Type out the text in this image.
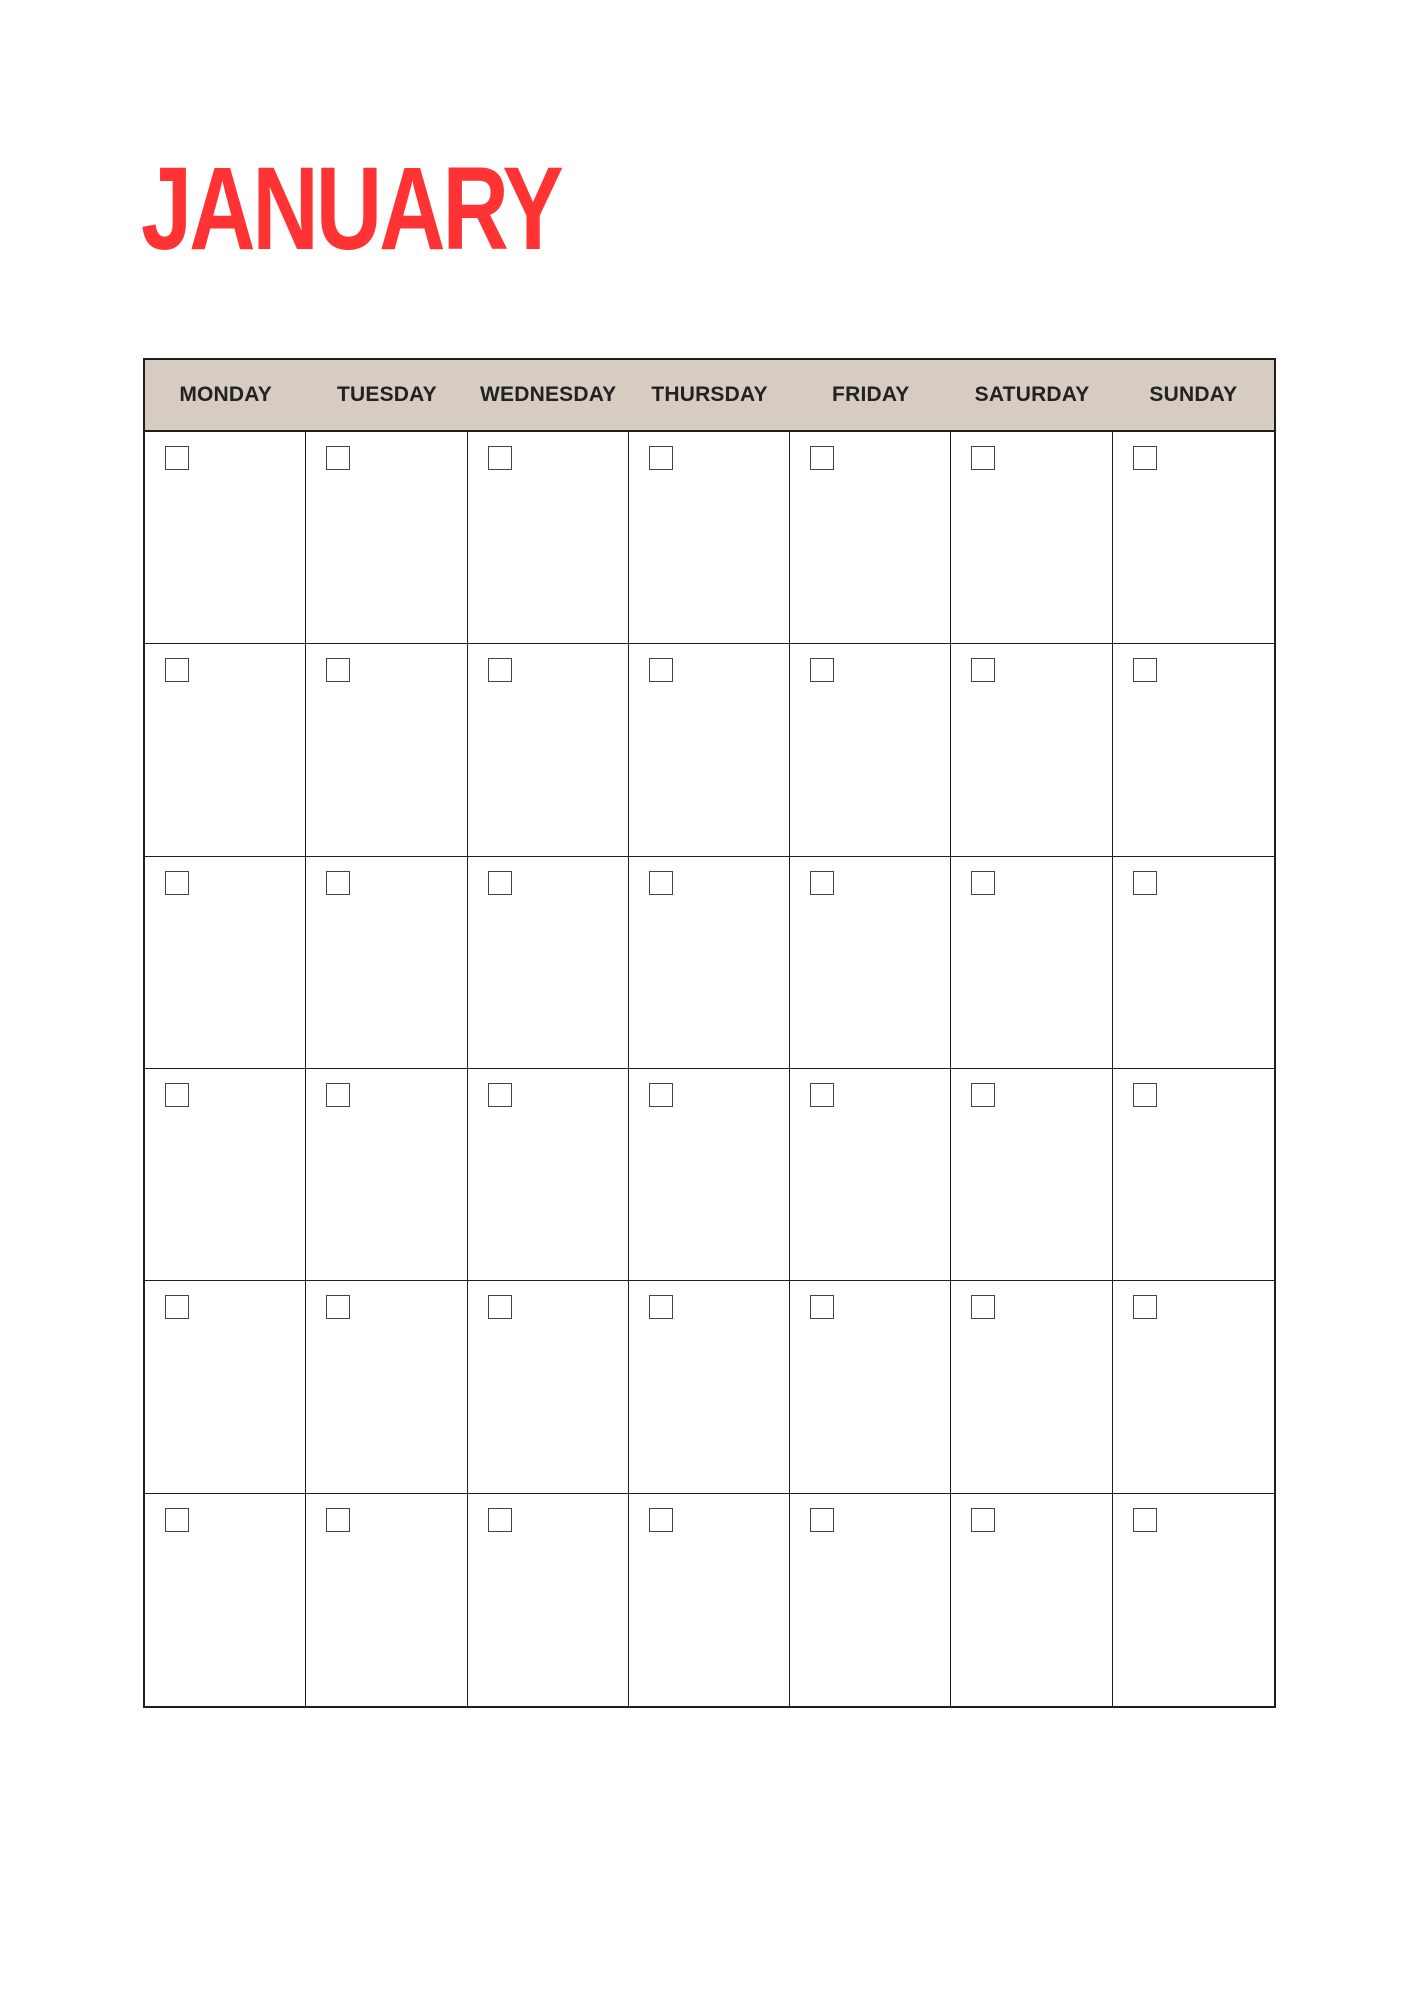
JANUARY
MONDAY	TUESDAY	WEDNESDAY	THURSDAY	FRIDAY	SATURDAY	SUNDAY
